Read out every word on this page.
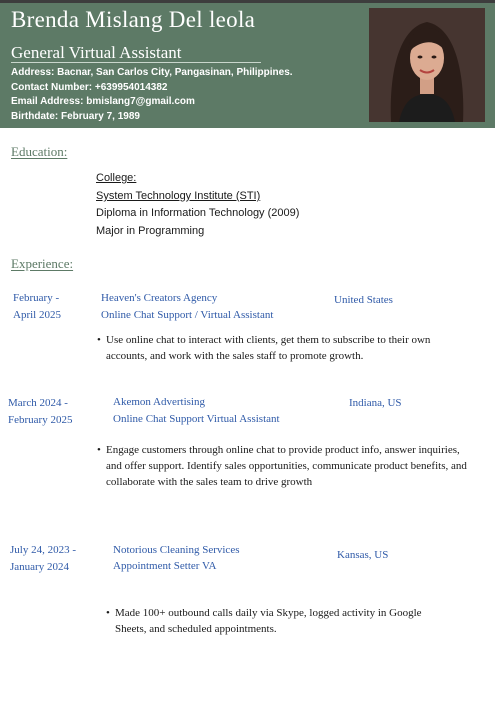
Brenda Mislang Del leola
General Virtual Assistant
Address: Bacnar, San Carlos City, Pangasinan, Philippines.
Contact Number: +639954014382
Email Address: bmislang7@gmail.com
Birthdate: February 7, 1989
Education:
College:
System Technology Institute (STI)
Diploma in Information Technology (2009)
Major in Programming
Experience:
February -
April 2025
Heaven's Creators Agency
Online Chat Support / Virtual Assistant
United States
• Use online chat to interact with clients, get them to subscribe to their own accounts, and work with the sales staff to promote growth.
March 2024 -
February 2025
Akemon Advertising
Online Chat Support Virtual Assistant
Indiana, US
• Engage customers through online chat to provide product info, answer inquiries, and offer support. Identify sales opportunities, communicate product benefits, and collaborate with the sales team to drive growth
July 24, 2023 -
January 2024
Notorious Cleaning Services
Appointment Setter VA
Kansas, US
• Made 100+ outbound calls daily via Skype, logged activity in Google Sheets, and scheduled appointments.
